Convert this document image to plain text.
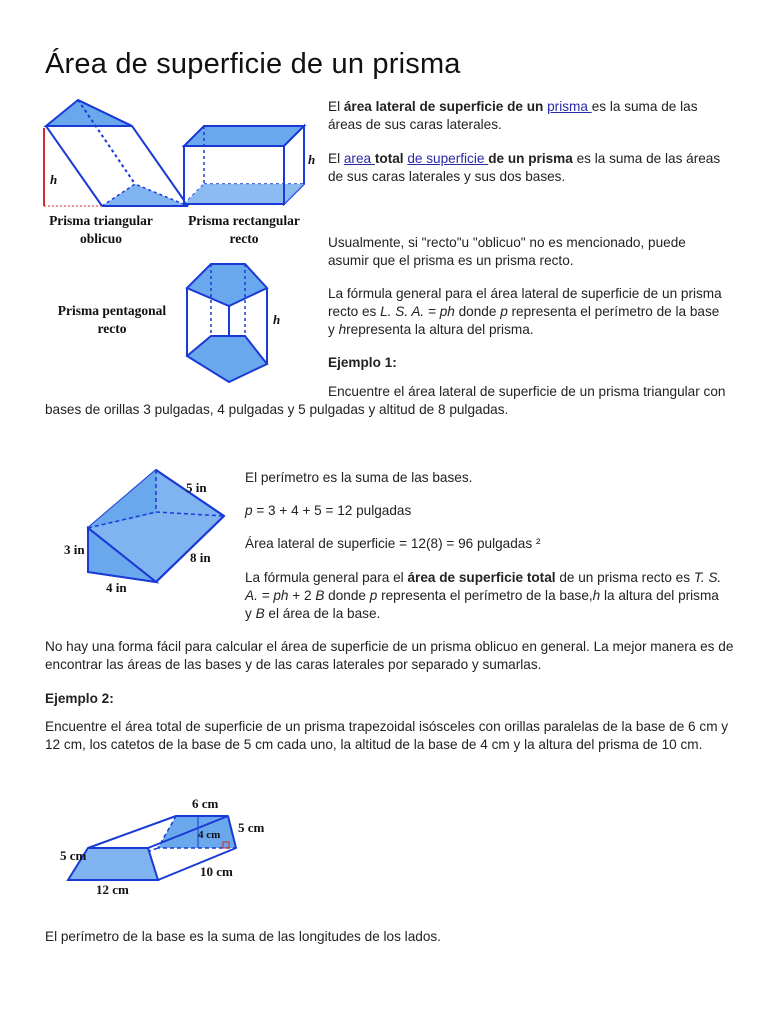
Área de superficie de un prisma
h
Prisma triangular
oblicuo
h
Prisma rectangular
recto
h
Prisma pentagonal
recto

El área lateral de superficie de un prisma es la suma de las áreas de sus caras laterales.

El area total de superficie de un prisma es la suma de las áreas de sus caras laterales y sus dos bases.

Usualmente, si "recto"u "oblicuo" no es mencionado, puede asumir que el prisma es un prisma recto.

La fórmula general para el área lateral de superficie de un prisma recto es L. S. A. = ph donde p representa el perímetro de la base y hrepresenta la altura del prisma.

Ejemplo 1:

Encuentre el área lateral de superficie de un prisma triangular con bases de orillas 3 pulgadas, 4 pulgadas y 5 pulgadas y altitud de 8 pulgadas.

5 in
3 in
8 in
4 in

El perímetro es la suma de las bases.

p = 3 + 4 + 5 = 12 pulgadas

Área lateral de superficie = 12(8) = 96 pulgadas ²

La fórmula general para el área de superficie total de un prisma recto es T. S. A. = ph + 2 B donde p representa el perímetro de la base,h la altura del prisma y B el área de la base.

No hay una forma fácil para calcular el área de superficie de un prisma oblicuo en general. La mejor manera es de encontrar las áreas de las bases y de las caras laterales por separado y sumarlas.

Ejemplo 2:

Encuentre el área total de superficie de un prisma trapezoidal isósceles con orillas paralelas de la base de 6 cm y 12 cm, los catetos de la base de 5 cm cada uno, la altitud de la base de 4 cm y la altura del prisma de 10 cm.

6 cm
4 cm 5 cm
5 cm
12 cm
10 cm

El perímetro de la base es la suma de las longitudes de los lados.
